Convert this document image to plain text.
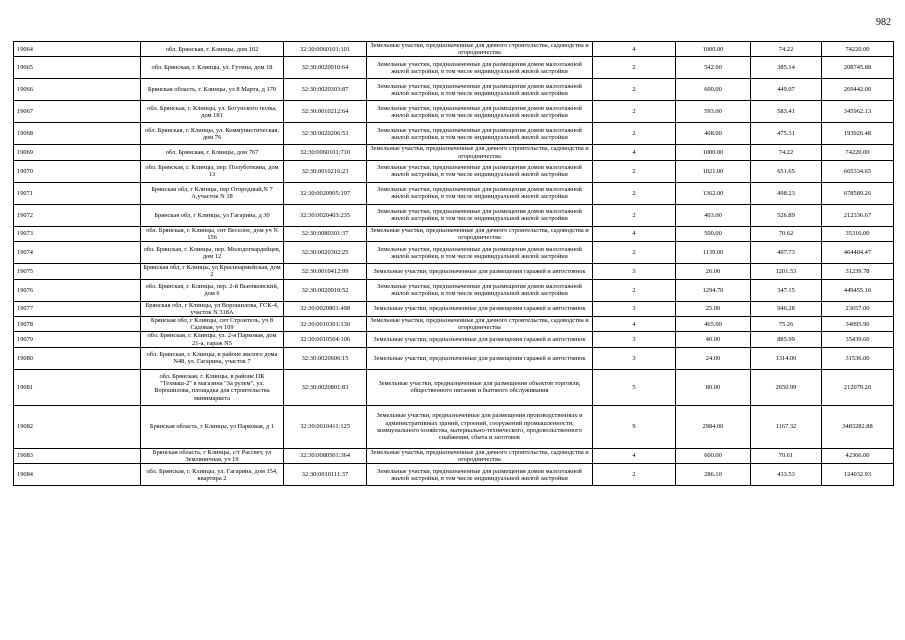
982
19064	обл. Брянская, г. Клинцы, дом 102	32:30:0060101:101	Земельные участки, предназначенные для дачного строительства, садоводства и огородничества	4	1000.00	74.22	74220.00
19065	обл. Брянская, г. Клинцы, ул. Гутина, дом 18	32:30:0020910:64	Земельные участки, предназначенные для размещения домов малоэтажной жилой застройки, в том числе индивидуальной жилой застройки	2	542.00	385.14	208745.88
19066	Брянская область, г. Клинцы, ул 8 Марта, д 170	32:30:0020303:87	Земельные участки, предназначенные для размещения домов малоэтажной жилой застройки, в том числе индивидуальной жилой застройки	2	600.00	449.07	269442.00
19067	обл. Брянская, г. Клинцы, ул. Богунского полка, дом 181	32:30:0010212:64	Земельные участки, предназначенные для размещения домов малоэтажной жилой застройки, в том числе индивидуальной жилой застройки	2	593.00	583.41	345962.13
19068	обл. Брянская, г. Клинцы, ул. Коммунистическая, дом 76	32:30:0020206:53	Земельные участки, предназначенные для размещения домов малоэтажной жилой застройки, в том числе индивидуальной жилой застройки	2	408.00	475.31	193926.48
19069	обл. Брянская, г. Клинцы, дом 767	32:30:0060101:710	Земельные участки, предназначенные для дачного строительства, садоводства и огородничества	4	1000.00	74.22	74220.00
19070	обл. Брянская, г. Клинцы, пер. Полуботкина, дом 13	32:30:0010216:23	Земельные участки, предназначенные для размещения домов малоэтажной жилой застройки, в том числе индивидуальной жилой застройки	2	1021.00	651.65	665334.65
19071	Брянская обл, г Клинцы, пер Огородный,N 7 А,участок N 18	32:30:0020905:197	Земельные участки, предназначенные для размещения домов малоэтажной жилой застройки, в том числе индивидуальной жилой застройки	2	1362.00	498.23	678589.26
19072	Брянская обл, г Клинцы, ул Гагарина, д 30	32:30:0020403:235	Земельные участки, предназначенные для размещения домов малоэтажной жилой застройки, в том числе индивидуальной жилой застройки	2	403.00	526.89	212336.67
19073	обл. Брянская, г. Клинцы, снт Веселое, дом уч N 156	32:30:0080301:37	Земельные участки, предназначенные для дачного строительства, садоводства и огородничества	4	500.00	70.62	35310.00
19074	обл. Брянская, г. Клинцы, пер. Молодогвардейцев, дом 12	32:30:0020302:25	Земельные участки, предназначенные для размещения домов малоэтажной жилой застройки, в том числе индивидуальной жилой застройки	2	1139.00	407.73	464404.47
19075	Брянская обл, г Клинцы, ул Красноармейская, дом 2	32:30:0010412:99	Земельные участки, предназначенные для размещения гаражей и автостоянок	3	26.00	1201.53	31239.78
19076	обл. Брянская, г. Клинцы, пер. 2-й Вьюнковский, дом 6	32:30:0020910:52	Земельные участки, предназначенные для размещения домов малоэтажной жилой застройки, в том числе индивидуальной жилой застройки	2	1294.70	347.15	449455.10
19077	Брянская обл, г Клинцы, ул Ворошилова, ГСК-4, участок N 318А	32:30:0020801:498	Земельные участки, предназначенные для размещения гаражей и автостоянок	3	25.00	946.28	23657.00
19078	Брянская обл, г Клинцы, снт Строитель, уч 8 Садовая, уч 109	32:30:0010301:130	Земельные участки, предназначенные для дачного строительства, садоводства и огородничества	4	465.00	75.26	34995.90
19079	обл. Брянская, г. Клинцы, ул. 2-я Парковая, дом 21-а, гараж N5	32:30:0010504:106	Земельные участки, предназначенные для размещения гаражей и автостоянок	3	40.00	885.99	35439.60
19080	обл. Брянская, г. Клинцы, в районе жилого дома N48, ул. Гагарина, участок 7	32:30:0020606:15	Земельные участки, предназначенные для размещения гаражей и автостоянок	3	24.00	1314.00	31536.00
19081	обл. Брянская, г. Клинцы, в районе ПК "Техмаш-2" в магазина "За рулем", ул. Ворошилова, площадка для строительства минимаркета	32:30:0020801:83	Земельные участки, предназначенные для размещения объектов торговли, общественного питания и бытового обслуживания	5	80.00	2650.99	212079.20
19082	Брянская область, г Клинцы, ул Парковая, д 1	32:30:0010411:125	Земельные участки, предназначенные для размещения производственных и административных зданий, строений, сооружений промышленности, коммунального хозяйства, материально-технического, продовольственного снабжения, сбыта и заготовок	9	2984.00	1167.32	3483282.88
19083	Брянская область, г Клинцы, с/т Рассвет, ул Земляничная, уч 19	32:30:0080501:364	Земельные участки, предназначенные для дачного строительства, садоводства и огородничества	4	600.00	70.61	42366.00
19084	обл. Брянская, г. Клинцы, ул. Гагарина, дом 154, квартира 2	32:30:0010111:37	Земельные участки, предназначенные для размещения домов малоэтажной жилой застройки, в том числе индивидуальной жилой застройки	2	286.10	433.53	124032.93
